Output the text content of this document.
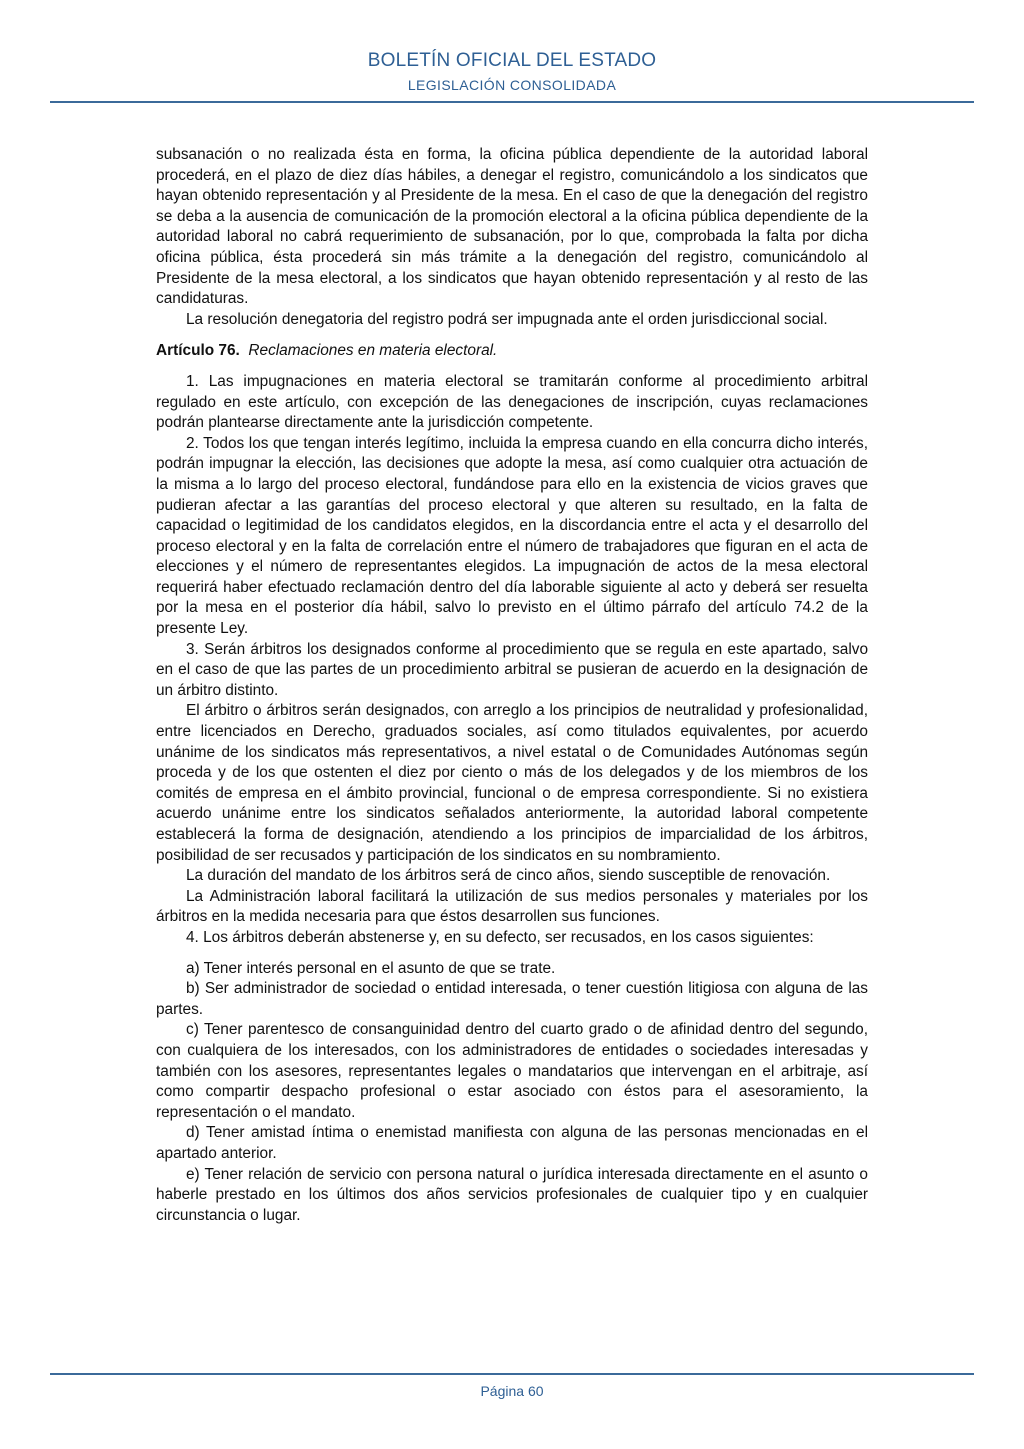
BOLETÍN OFICIAL DEL ESTADO
LEGISLACIÓN CONSOLIDADA

subsanación o no realizada ésta en forma, la oficina pública dependiente de la autoridad laboral procederá, en el plazo de diez días hábiles, a denegar el registro, comunicándolo a los sindicatos que hayan obtenido representación y al Presidente de la mesa. En el caso de que la denegación del registro se deba a la ausencia de comunicación de la promoción electoral a la oficina pública dependiente de la autoridad laboral no cabrá requerimiento de subsanación, por lo que, comprobada la falta por dicha oficina pública, ésta procederá sin más trámite a la denegación del registro, comunicándolo al Presidente de la mesa electoral, a los sindicatos que hayan obtenido representación y al resto de las candidaturas.

La resolución denegatoria del registro podrá ser impugnada ante el orden jurisdiccional social.

Artículo 76. Reclamaciones en materia electoral.

1. Las impugnaciones en materia electoral se tramitarán conforme al procedimiento arbitral regulado en este artículo, con excepción de las denegaciones de inscripción, cuyas reclamaciones podrán plantearse directamente ante la jurisdicción competente.

2. Todos los que tengan interés legítimo, incluida la empresa cuando en ella concurra dicho interés, podrán impugnar la elección, las decisiones que adopte la mesa, así como cualquier otra actuación de la misma a lo largo del proceso electoral, fundándose para ello en la existencia de vicios graves que pudieran afectar a las garantías del proceso electoral y que alteren su resultado, en la falta de capacidad o legitimidad de los candidatos elegidos, en la discordancia entre el acta y el desarrollo del proceso electoral y en la falta de correlación entre el número de trabajadores que figuran en el acta de elecciones y el número de representantes elegidos. La impugnación de actos de la mesa electoral requerirá haber efectuado reclamación dentro del día laborable siguiente al acto y deberá ser resuelta por la mesa en el posterior día hábil, salvo lo previsto en el último párrafo del artículo 74.2 de la presente Ley.

3. Serán árbitros los designados conforme al procedimiento que se regula en este apartado, salvo en el caso de que las partes de un procedimiento arbitral se pusieran de acuerdo en la designación de un árbitro distinto.

El árbitro o árbitros serán designados, con arreglo a los principios de neutralidad y profesionalidad, entre licenciados en Derecho, graduados sociales, así como titulados equivalentes, por acuerdo unánime de los sindicatos más representativos, a nivel estatal o de Comunidades Autónomas según proceda y de los que ostenten el diez por ciento o más de los delegados y de los miembros de los comités de empresa en el ámbito provincial, funcional o de empresa correspondiente. Si no existiera acuerdo unánime entre los sindicatos señalados anteriormente, la autoridad laboral competente establecerá la forma de designación, atendiendo a los principios de imparcialidad de los árbitros, posibilidad de ser recusados y participación de los sindicatos en su nombramiento.

La duración del mandato de los árbitros será de cinco años, siendo susceptible de renovación.

La Administración laboral facilitará la utilización de sus medios personales y materiales por los árbitros en la medida necesaria para que éstos desarrollen sus funciones.

4. Los árbitros deberán abstenerse y, en su defecto, ser recusados, en los casos siguientes:

a) Tener interés personal en el asunto de que se trate.

b) Ser administrador de sociedad o entidad interesada, o tener cuestión litigiosa con alguna de las partes.

c) Tener parentesco de consanguinidad dentro del cuarto grado o de afinidad dentro del segundo, con cualquiera de los interesados, con los administradores de entidades o sociedades interesadas y también con los asesores, representantes legales o mandatarios que intervengan en el arbitraje, así como compartir despacho profesional o estar asociado con éstos para el asesoramiento, la representación o el mandato.

d) Tener amistad íntima o enemistad manifiesta con alguna de las personas mencionadas en el apartado anterior.

e) Tener relación de servicio con persona natural o jurídica interesada directamente en el asunto o haberle prestado en los últimos dos años servicios profesionales de cualquier tipo y en cualquier circunstancia o lugar.

Página 60
